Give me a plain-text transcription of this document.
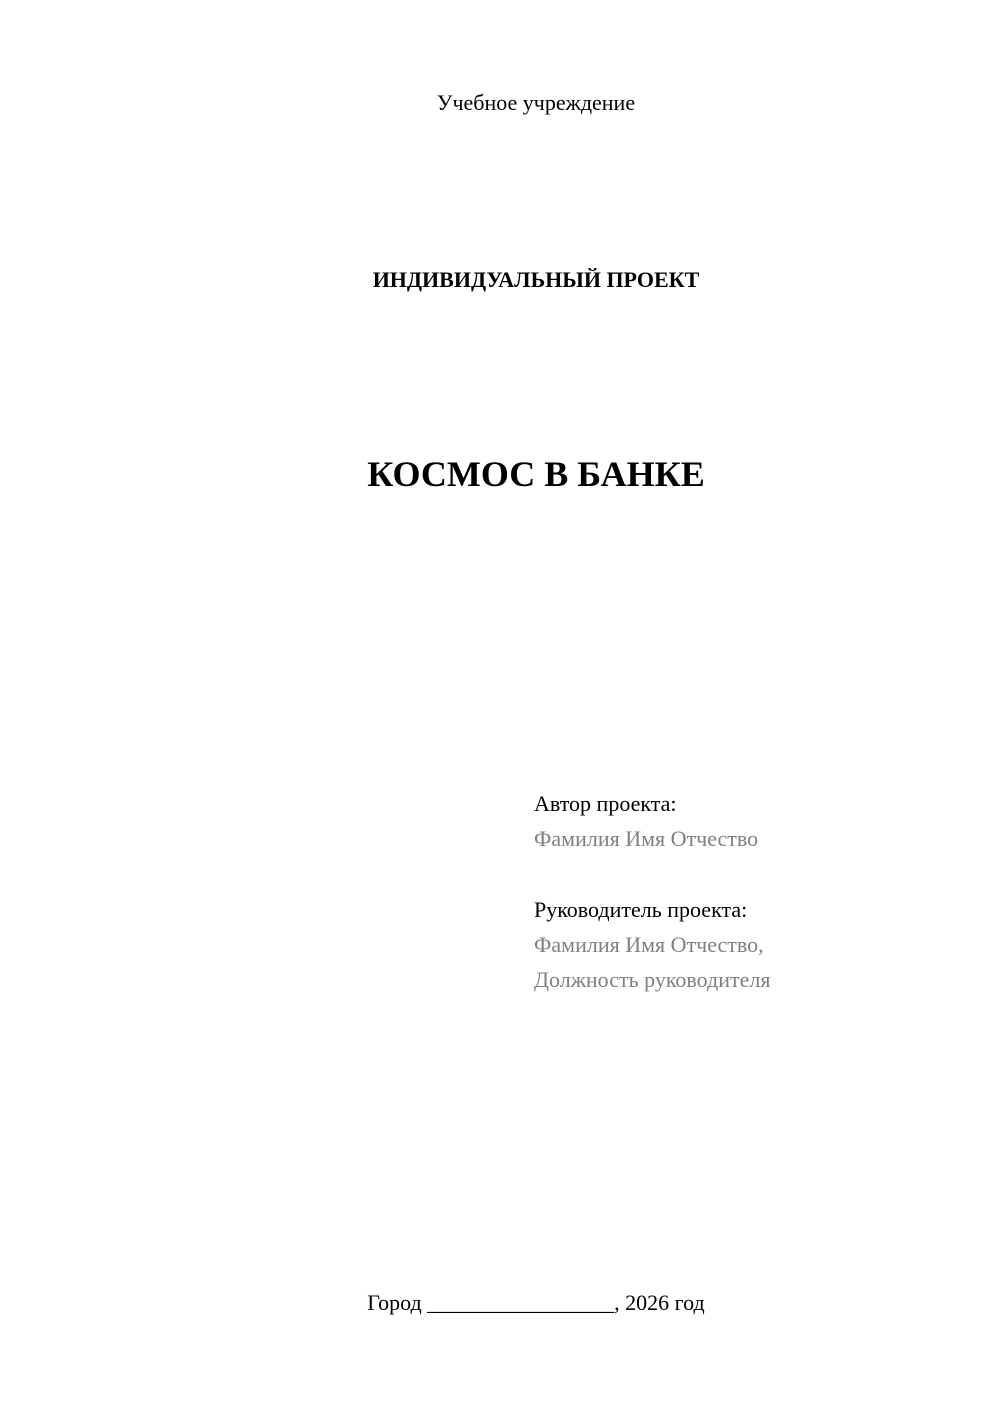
Учебное учреждение
ИНДИВИДУАЛЬНЫЙ ПРОЕКТ
КОСМОС В БАНКЕ
Автор проекта:
Фамилия Имя Отчество
Руководитель проекта:
Фамилия Имя Отчество,
Должность руководителя
Город _________________, 2026 год
